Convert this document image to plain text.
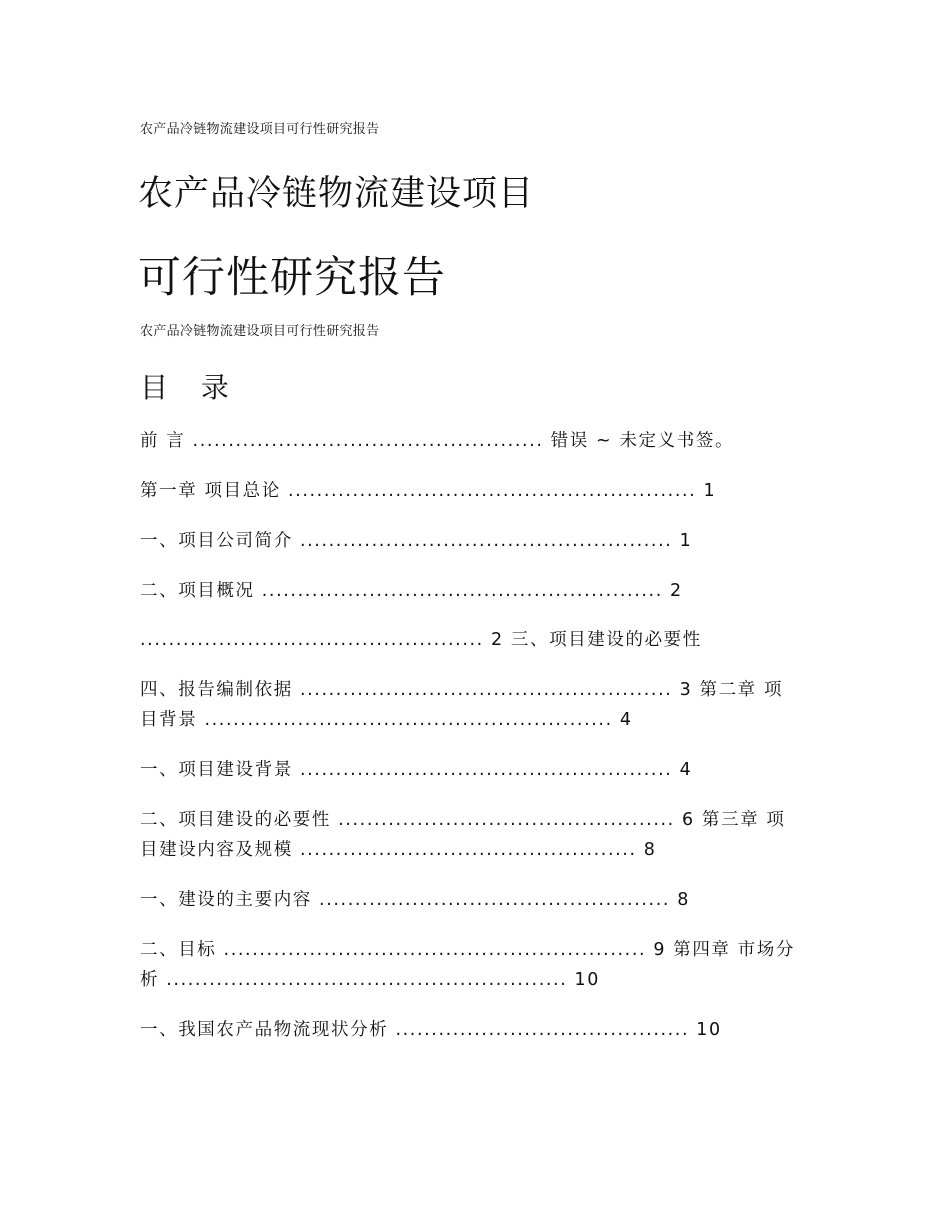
农产品冷链物流建设项目可行性研究报告
农产品冷链物流建设项目
可行性研究报告
农产品冷链物流建设项目可行性研究报告
目 录
前 言 ................................................. 错误 ~ 未定义书签。
第一章 项目总论 ......................................................... 1
一、项目公司简介 .................................................... 1
二、项目概况 ........................................................ 2
................................................ 2 三、项目建设的必要性
四、报告编制依据 .................................................... 3 第二章 项
目背景 ......................................................... 4
一、项目建设背景 .................................................... 4
二、项目建设的必要性 ............................................... 6 第三章 项
目建设内容及规模 ............................................... 8
一、建设的主要内容 ................................................. 8
二、目标 ........................................................... 9 第四章 市场分
析 ........................................................ 10
一、我国农产品物流现状分析 ......................................... 10
